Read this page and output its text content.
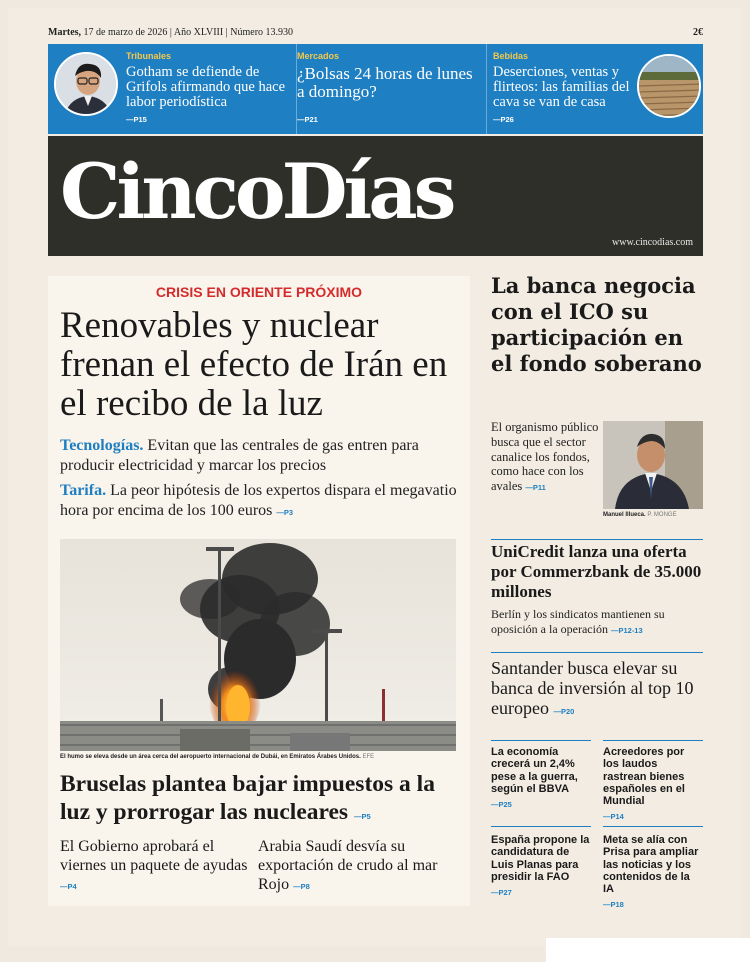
Martes, 17 de marzo de 2026 | Año XLVIII | Número 13.930	2€
Tribunales
Gotham se defiende de Grifols afirmando que hace labor periodística
— P15
Mercados
¿Bolsas 24 horas de lunes a domingo?
— P21
Bebidas
Deserciones, ventas y flirteos: las familias del cava se van de casa
— P26
CincoDías
www.cincodias.com
CRISIS EN ORIENTE PRÓXIMO
Renovables y nuclear frenan el efecto de Irán en el recibo de la luz
Tecnologías. Evitan que las centrales de gas entren para producir electricidad y marcar los precios
Tarifa. La peor hipótesis de los expertos dispara el megavatio hora por encima de los 100 euros — P3
El humo se eleva desde un área cerca del aeropuerto internacional de Dubái, en Emiratos Árabes Unidos. EFE
Bruselas plantea bajar impuestos a la luz y prorrogar las nucleares — P5
El Gobierno aprobará el viernes un paquete de ayudas — P4
Arabia Saudí desvía su exportación de crudo al mar Rojo — P8
La banca negocia con el ICO su participación en el fondo soberano
El organismo público busca que el sector canalice los fondos, como hace con los avales — P11
Manuel Illueca. P. MONGE
UniCredit lanza una oferta por Commerzbank de 35.000 millones
Berlín y los sindicatos mantienen su oposición a la operación — P12-13
Santander busca elevar su banca de inversión al top 10 europeo — P20
La economía crecerá un 2,4% pese a la guerra, según el BBVA
— P25
Acreedores por los laudos rastrean bienes españoles en el Mundial
— P14
España propone la candidatura de Luis Planas para presidir la FAO
— P27
Meta se alía con Prisa para ampliar las noticias y los contenidos de la IA
— P18
